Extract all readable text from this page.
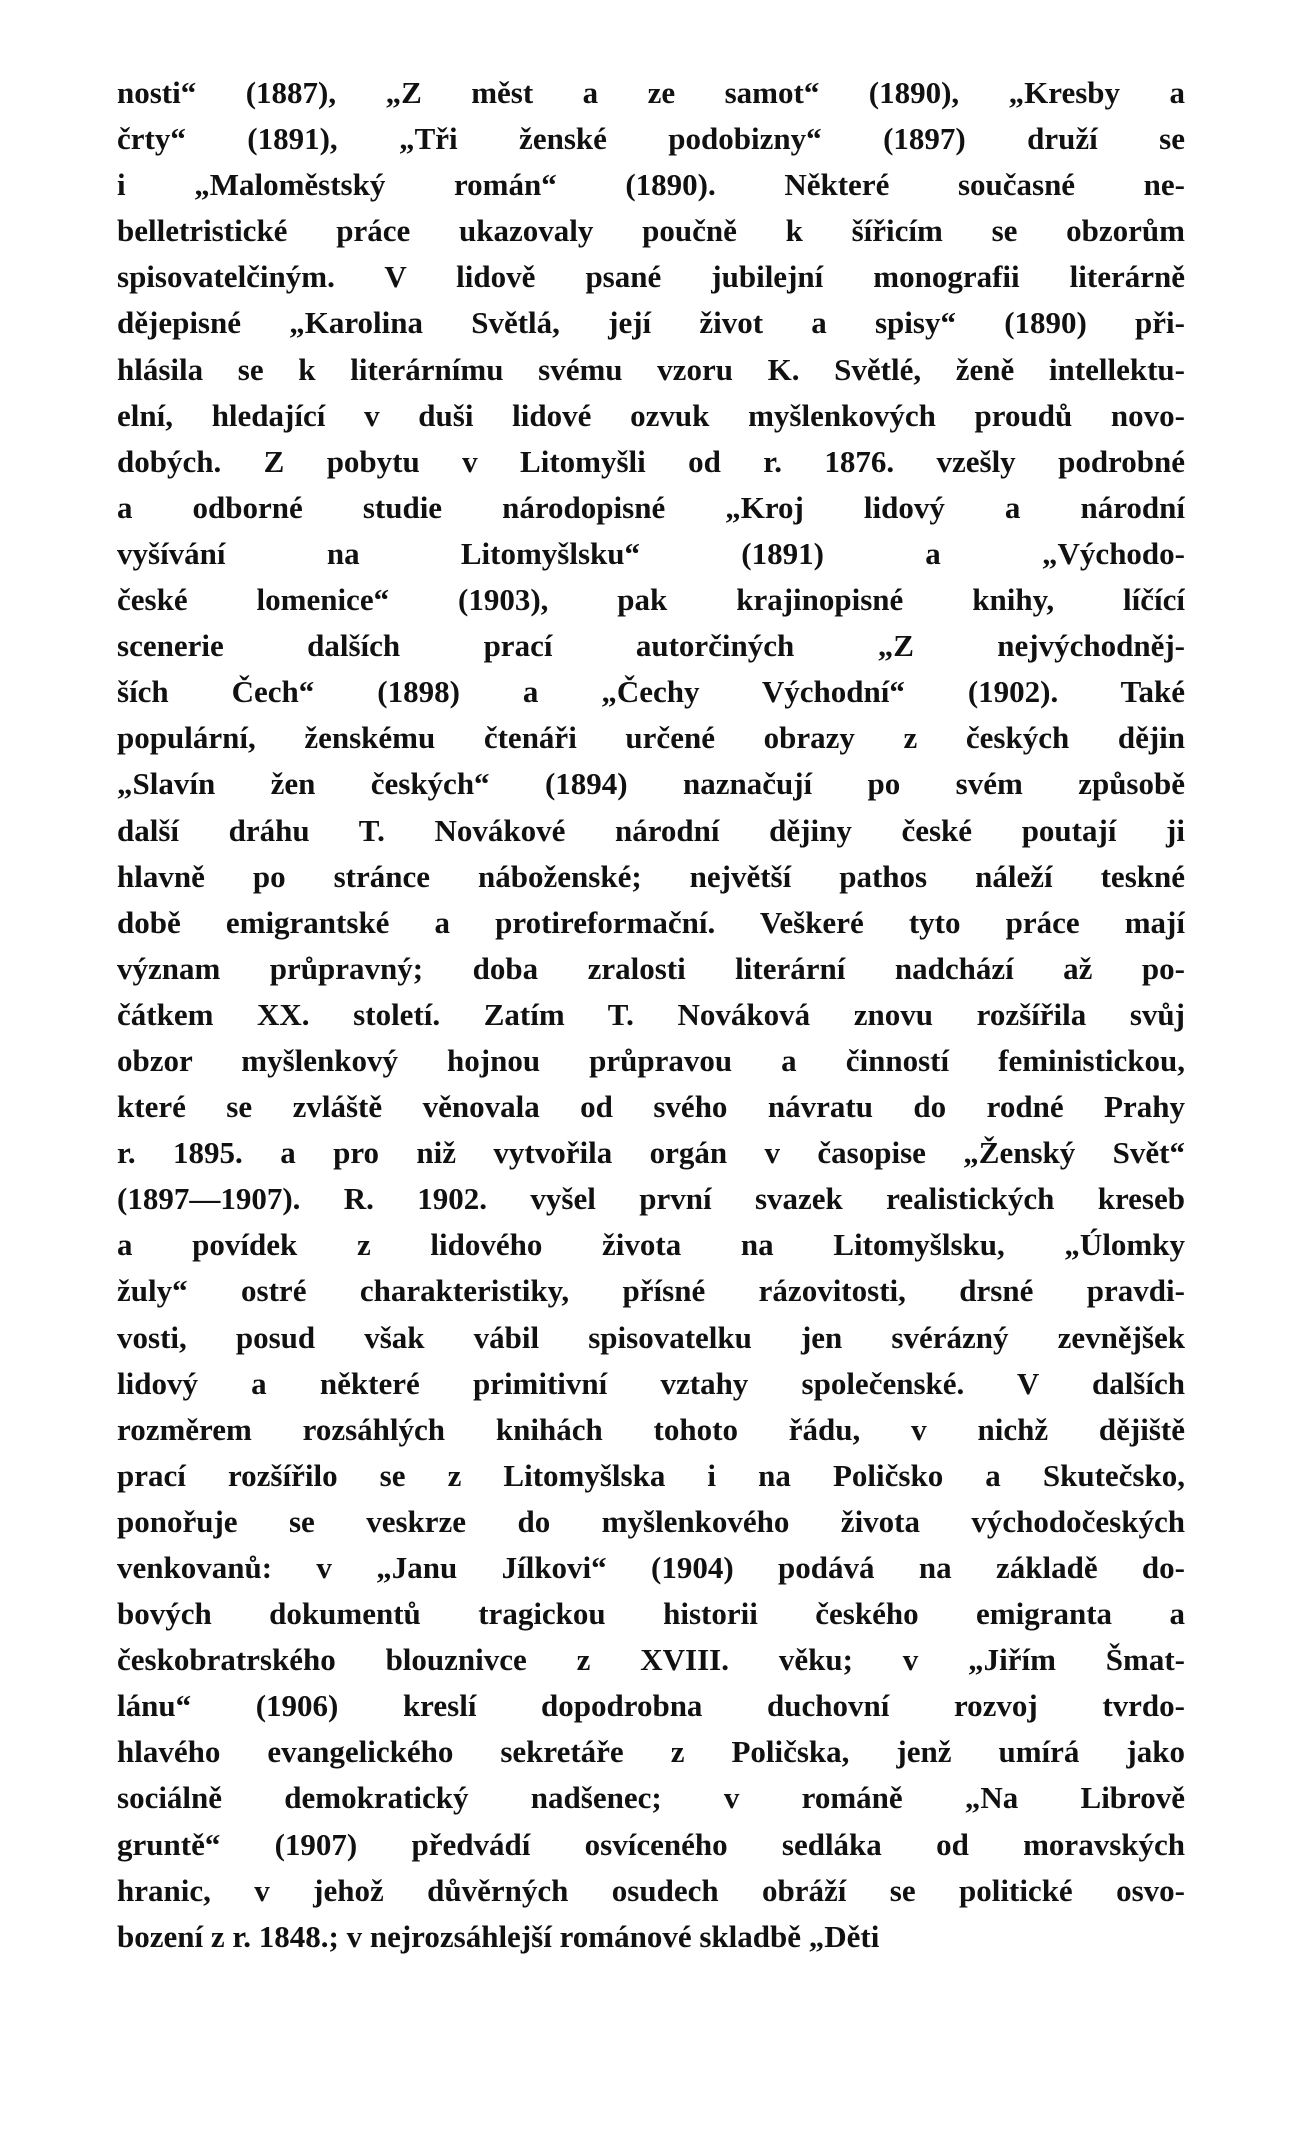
nosti“ (1887), „Z měst a ze samot“ (1890), „Kresby a
črty“ (1891), „Tři ženské podobizny“ (1897) druží se
i „Maloměstský román“ (1890). Některé současné ne-
belletristické práce ukazovaly poučně k šířicím se obzorům
spisovatelčiným. V lidově psané jubilejní monografii literárně
dějepisné „Karolina Světlá, její život a spisy“ (1890) při-
hlásila se k literárnímu svému vzoru K. Světlé, ženě intellektu-
elní, hledající v duši lidové ozvuk myšlenkových proudů novo-
dobých. Z pobytu v Litomyšli od r. 1876. vzešly podrobné
a odborné studie národopisné „Kroj lidový a národní
vyšívání na Litomyšlsku“ (1891) a „Východo-
české lomenice“ (1903), pak krajinopisné knihy, líčící
scenerie dalších prací autorčiných „Z nejvýchodněj-
ších Čech“ (1898) a „Čechy Východní“ (1902). Také
populární, ženskému čtenáři určené obrazy z českých dějin
„Slavín žen českých“ (1894) naznačují po svém způsobě
další dráhu T. Novákové národní dějiny české poutají ji
hlavně po stránce náboženské; největší pathos náleží teskné
době emigrantské a protireformační. Veškeré tyto práce mají
význam průpravný; doba zralosti literární nadchází až po-
čátkem XX. století. Zatím T. Nováková znovu rozšířila svůj
obzor myšlenkový hojnou průpravou a činností feministickou,
které se zvláště věnovala od svého návratu do rodné Prahy
r. 1895. a pro niž vytvořila orgán v časopise „Ženský Svět“
(1897—1907). R. 1902. vyšel první svazek realistických kreseb
a povídek z lidového života na Litomyšlsku, „Úlomky
žuly“ ostré charakteristiky, přísné rázovitosti, drsné pravdi-
vosti, posud však vábil spisovatelku jen svérázný zevnějšek
lidový a některé primitivní vztahy společenské. V dalších
rozměrem rozsáhlých knihách tohoto řádu, v nichž dějiště
prací rozšířilo se z Litomyšlska i na Poličsko a Skutečsko,
ponořuje se veskrze do myšlenkového života východočeských
venkovanů: v „Janu Jílkovi“ (1904) podává na základě do-
bových dokumentů tragickou historii českého emigranta a
českobratrského blouznivce z XVIII. věku; v „Jiřím Šmat-
lánu“ (1906) kreslí dopodrobna duchovní rozvoj tvrdo-
hlavého evangelického sekretáře z Poličska, jenž umírá jako
sociálně demokratický nadšenec; v románě „Na Librově
gruntě“ (1907) předvádí osvíceného sedláka od moravských
hranic, v jehož důvěrných osudech obráží se politické osvo-
bození z r. 1848.; v nejrozsáhlejší románové skladbě „Děti
